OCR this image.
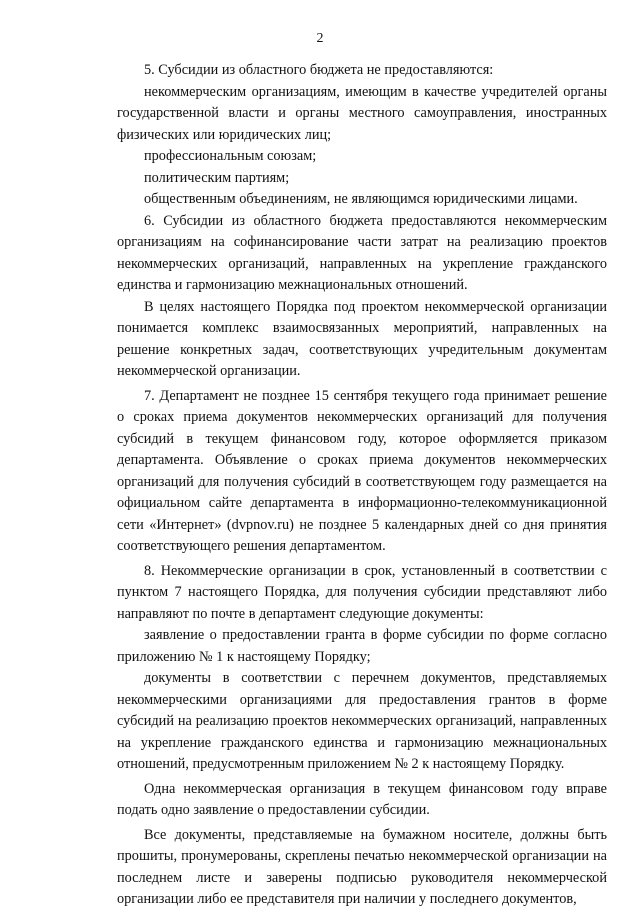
2

5. Субсидии из областного бюджета не предоставляются:

некоммерческим организациям, имеющим в качестве учредителей органы государственной власти и органы местного самоуправления, иностранных физических или юридических лиц;

профессиональным союзам;

политическим партиям;

общественным объединениям, не являющимся юридическими лицами.

6. Субсидии из областного бюджета предоставляются некоммерческим организациям на софинансирование части затрат на реализацию проектов некоммерческих организаций, направленных на укрепление гражданского единства и гармонизацию межнациональных отношений.

В целях настоящего Порядка под проектом некоммерческой организации понимается комплекс взаимосвязанных мероприятий, направленных на решение конкретных задач, соответствующих учредительным документам некоммерческой организации.

7. Департамент не позднее 15 сентября текущего года принимает решение о сроках приема документов некоммерческих организаций для получения субсидий в текущем финансовом году, которое оформляется приказом департамента. Объявление о сроках приема документов некоммерческих организаций для получения субсидий в соответствующем году размещается на официальном сайте департамента в информационно-телекоммуникационной сети «Интернет» (dvpnov.ru) не позднее 5 календарных дней со дня принятия соответствующего решения департаментом.

8. Некоммерческие организации в срок, установленный в соответствии с пунктом 7 настоящего Порядка, для получения субсидии представляют либо направляют по почте в департамент следующие документы:

заявление о предоставлении гранта в форме субсидии по форме согласно приложению № 1 к настоящему Порядку;

документы в соответствии с перечнем документов, представляемых некоммерческими организациями для предоставления грантов в форме субсидий на реализацию проектов некоммерческих организаций, направленных на укрепление гражданского единства и гармонизацию межнациональных отношений, предусмотренным приложением № 2 к настоящему Порядку.

Одна некоммерческая организация в текущем финансовом году вправе подать одно заявление о предоставлении субсидии.

Все документы, представляемые на бумажном носителе, должны быть прошиты, пронумерованы, скреплены печатью некоммерческой организации на последнем листе и заверены подписью руководителя некоммерческой организации либо ее представителя при наличии у последнего документов,
